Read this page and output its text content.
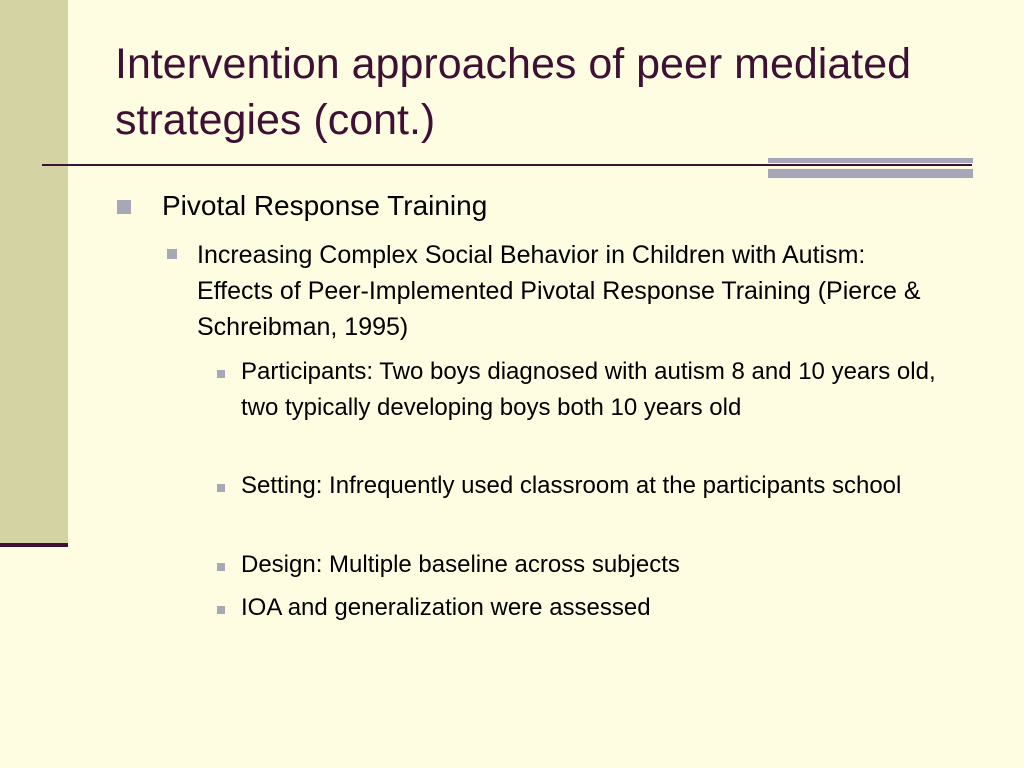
Intervention approaches of peer mediated strategies (cont.)

Pivotal Response Training

Increasing Complex Social Behavior in Children with Autism: Effects of Peer-Implemented Pivotal Response Training (Pierce & Schreibman, 1995)

Participants: Two boys diagnosed with autism 8 and 10 years old, two typically developing boys both 10 years old

Setting: Infrequently used classroom at the participants school

Design: Multiple baseline across subjects

IOA and generalization were assessed
